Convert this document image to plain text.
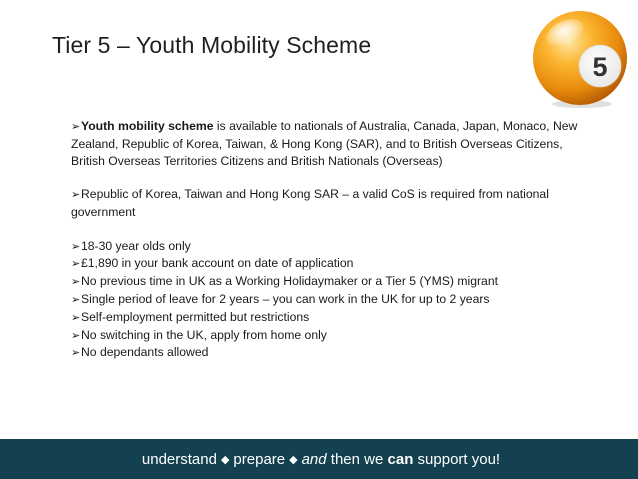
Tier 5 – Youth Mobility Scheme
5
➢Youth mobility scheme is available to nationals of Australia, Canada, Japan, Monaco, New Zealand, Republic of Korea, Taiwan, & Hong Kong (SAR), and to British Overseas Citizens, British Overseas Territories Citizens and British Nationals (Overseas)
➢Republic of Korea, Taiwan and Hong Kong SAR – a valid CoS is required from national government
➢18-30 year olds only
➢£1,890 in your bank account on date of application
➢No previous time in UK as a Working Holidaymaker or a Tier 5 (YMS) migrant
➢Single period of leave for 2 years – you can work in the UK for up to 2 years
➢Self-employment permitted but restrictions
➢No switching in the UK, apply from home only
➢No dependants allowed
understand ◆ prepare ◆ and then we can support you!
